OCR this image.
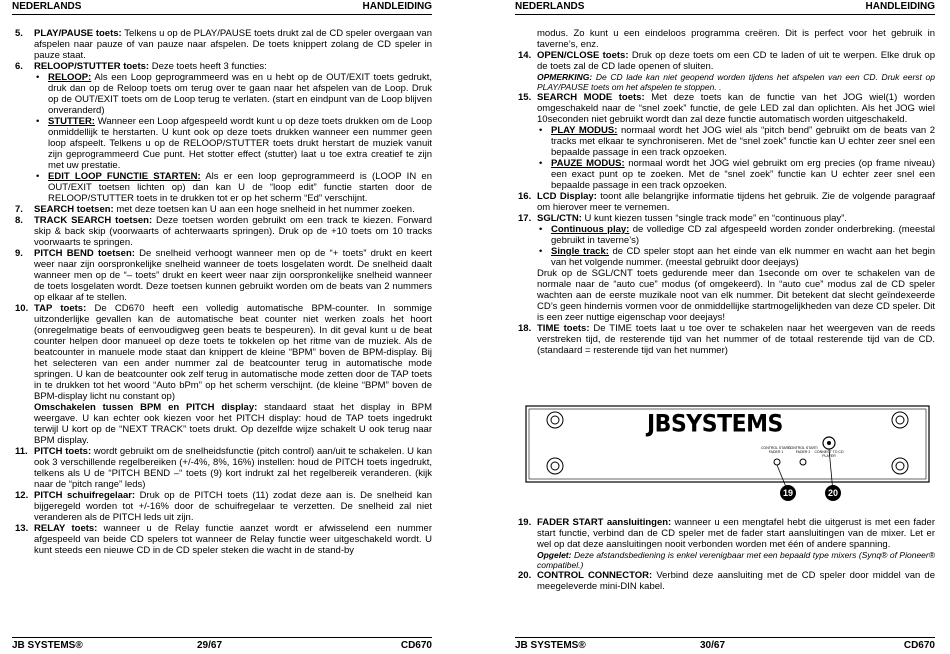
NEDERLANDS	HANDLEIDING

5. PLAY/PAUSE toets: Telkens u op de PLAY/PAUSE toets drukt zal de CD speler overgaan van afspelen naar pauze of van pauze naar afspelen. De toets knippert zolang de CD speler in pauze staat.

6. RELOOP/STUTTER toets: Deze toets heeft 3 functies:

• RELOOP: Als een Loop geprogrammeerd was en u hebt op de OUT/EXIT toets gedrukt, druk dan op de Reloop toets om terug over te gaan naar het afspelen van de Loop. Druk op de OUT/EXIT toets om de Loop terug te verlaten. (start en eindpunt van de Loop blijven onveranderd)

• STUTTER: Wanneer een Loop afgespeeld wordt kunt u op deze toets drukken om de Loop onmiddellijk te herstarten. U kunt ook op deze toets drukken wanneer een nummer geen loop afspeelt. Telkens u op de RELOOP/STUTTER toets drukt herstart de muziek vanuit zijn geprogrammeerd Cue punt. Het stotter effect (stutter) laat u toe extra creatief te zijn met uw prestatie.

• EDIT LOOP FUNCTIE STARTEN: Als er een loop geprogrammeerd is (LOOP IN en OUT/EXIT toetsen lichten op) dan kan U de “loop edit” functie starten door de RELOOP/STUTTER toets in te drukken tot er op het scherm “Ed” verschijnt.

7. SEARCH toetsen: met deze toetsen kan U aan een hoge snelheid in het nummer zoeken.

8. TRACK SEARCH toetsen: Deze toetsen worden gebruikt om een track te kiezen. Forward skip & back skip (voorwaarts of achterwaarts springen). Druk op de +10 toets om 10 tracks voorwaarts te springen.

9. PITCH BEND toetsen: De snelheid verhoogt wanneer men op de “+ toets” drukt en keert weer naar zijn oorspronkelijke snelheid wanneer de toets losgelaten wordt. De snelheid daalt wanneer men op de “– toets” drukt en keert weer naar zijn oorspronkelijke snelheid wanneer de toets losgelaten wordt. Deze toetsen kunnen gebruikt worden om de beats van 2 nummers op elkaar af te stellen.

10. TAP toets: De CD670 heeft een volledig automatische BPM-counter. In sommige uitzonderlijke gevallen kan de automatische beat counter niet werken zoals het hoort (onregelmatige beats of eenvoudigweg geen beats te bespeuren). In dit geval kunt u de beat counter helpen door manueel op deze toets te tokkelen op het ritme van de muziek. Als de beatcounter in manuele mode staat dan knippert de kleine “BPM” boven de BPM-display. Bij het selecteren van een ander nummer zal de beatcounter terug in automatische mode springen. U kan de beatcounter ook zelf terug in automatische mode zetten door de TAP toets in te drukken tot het woord “Auto bPm” op het scherm verschijnt. (de kleine “BPM” boven de BPM-display licht nu constant op)

Omschakelen tussen BPM en PITCH display: standaard staat het display in BPM weergave. U kan echter ook kiezen voor het PITCH display: houd de TAP toets ingedrukt terwijl U kort op de “NEXT TRACK” toets drukt. Op dezelfde wijze schakelt U ook terug naar BPM display.

11. PITCH toets: wordt gebruikt om de snelheidsfunctie (pitch control) aan/uit te schakelen. U kan ook 3 verschillende regelbereiken (+/-4%, 8%, 16%) instellen: houd de PITCH toets ingedrukt, telkens als U de “PITCH BEND –“ toets (9) kort indrukt zal het regelbereik veranderen. (kijk naar de “pitch range” leds)

12. PITCH schuifregelaar: Druk op de PITCH toets (11) zodat deze aan is. De snelheid kan bijgeregeld worden tot +/-16% door de schuifregelaar te verzetten. De snelheid zal niet veranderen als de PITCH leds uit zijn.

13. RELAY toets: wanneer u de Relay functie aanzet wordt er afwisselend een nummer afgespeeld van beide CD spelers tot wanneer de Relay functie weer uitgeschakeld wordt. U kunt steeds een nieuwe CD in de CD speler steken die wacht in de stand-by

JB SYSTEMS®	29/67	CD670
NEDERLANDS	HANDLEIDING

modus. Zo kunt u een eindeloos programma creëren. Dit is perfect voor het gebruik in taverne’s, enz.

14. OPEN/CLOSE toets: Druk op deze toets om een CD te laden of uit te werpen. Elke druk op de toets zal de CD lade openen of sluiten.

OPMERKING: De CD lade kan niet geopend worden tijdens het afspelen van een CD. Druk eerst op PLAY/PAUSE toets om het afspelen te stoppen. .

15. SEARCH MODE toets: Met deze toets kan de functie van het JOG wiel(1) worden omgeschakeld naar de “snel zoek” functie, de gele LED zal dan oplichten. Als het JOG wiel 10seconden niet gebruikt wordt dan zal deze functie automatisch worden uitgeschakeld.

• PLAY MODUS: normaal wordt het JOG wiel als “pitch bend” gebruikt om de beats van 2 tracks met elkaar te synchroniseren. Met de “snel zoek” functie kan U echter zeer snel een bepaalde passage in een track opzoeken.

• PAUZE MODUS: normaal wordt het JOG wiel gebruikt om erg precies (op frame niveau) een exact punt op te zoeken. Met de “snel zoek” functie kan U echter zeer snel een bepaalde passage in een track opzoeken.

16. LCD Display: toont alle belangrijke informatie tijdens het gebruik. Zie de volgende paragraaf om hierover meer te vernemen.

17. SGL/CTN: U kunt kiezen tussen “single track mode” en “continuous play”.

• Continuous play: de volledige CD zal afgespeeld worden zonder onderbreking. (meestal gebruikt in taverne’s)

• Single track: de CD speler stopt aan het einde van elk nummer en wacht aan het begin van het volgende nummer. (meestal gebruikt door deejays)

Druk op de SGL/CNT toets gedurende meer dan 1seconde om over te schakelen van de normale naar de “auto cue” modus (of omgekeerd). In “auto cue” modus zal de CD speler wachten aan de eerste muzikale noot van elk nummer. Dit betekent dat slecht geïndexeerde CD’s geen hindernis vormen voor de onmiddellijke startmogelijkheden van deze CD speler. Dit is een zeer nuttige eigenschap voor deejays!

18. TIME toets: De TIME toets laat u toe over te schakelen naar het weergeven van de reeds verstreken tijd, de resterende tijd van het nummer of de totaal resterende tijd van de CD. (standaard = resterende tijd van het nummer)

JBSYSTEMS
CONTROL START/ FADER 1
CONTROL START/ FADER 2	CONNECT TO CD PLAYER
19	20

19. FADER START aansluitingen: wanneer u een mengtafel hebt die uitgerust is met een fader start functie, verbind dan de CD speler met de fader start aansluitingen van de mixer. Let er wel op dat deze aansluitingen nooit verbonden worden met één of andere spanning.

Opgelet: Deze afstandsbediening is enkel verenigbaar met een bepaald type mixers (Synq® of Pioneer® compatibel.)

20. CONTROL CONNECTOR: Verbind deze aansluiting met de CD speler door middel van de meegeleverde mini-DIN kabel.

JB SYSTEMS®	30/67	CD670
